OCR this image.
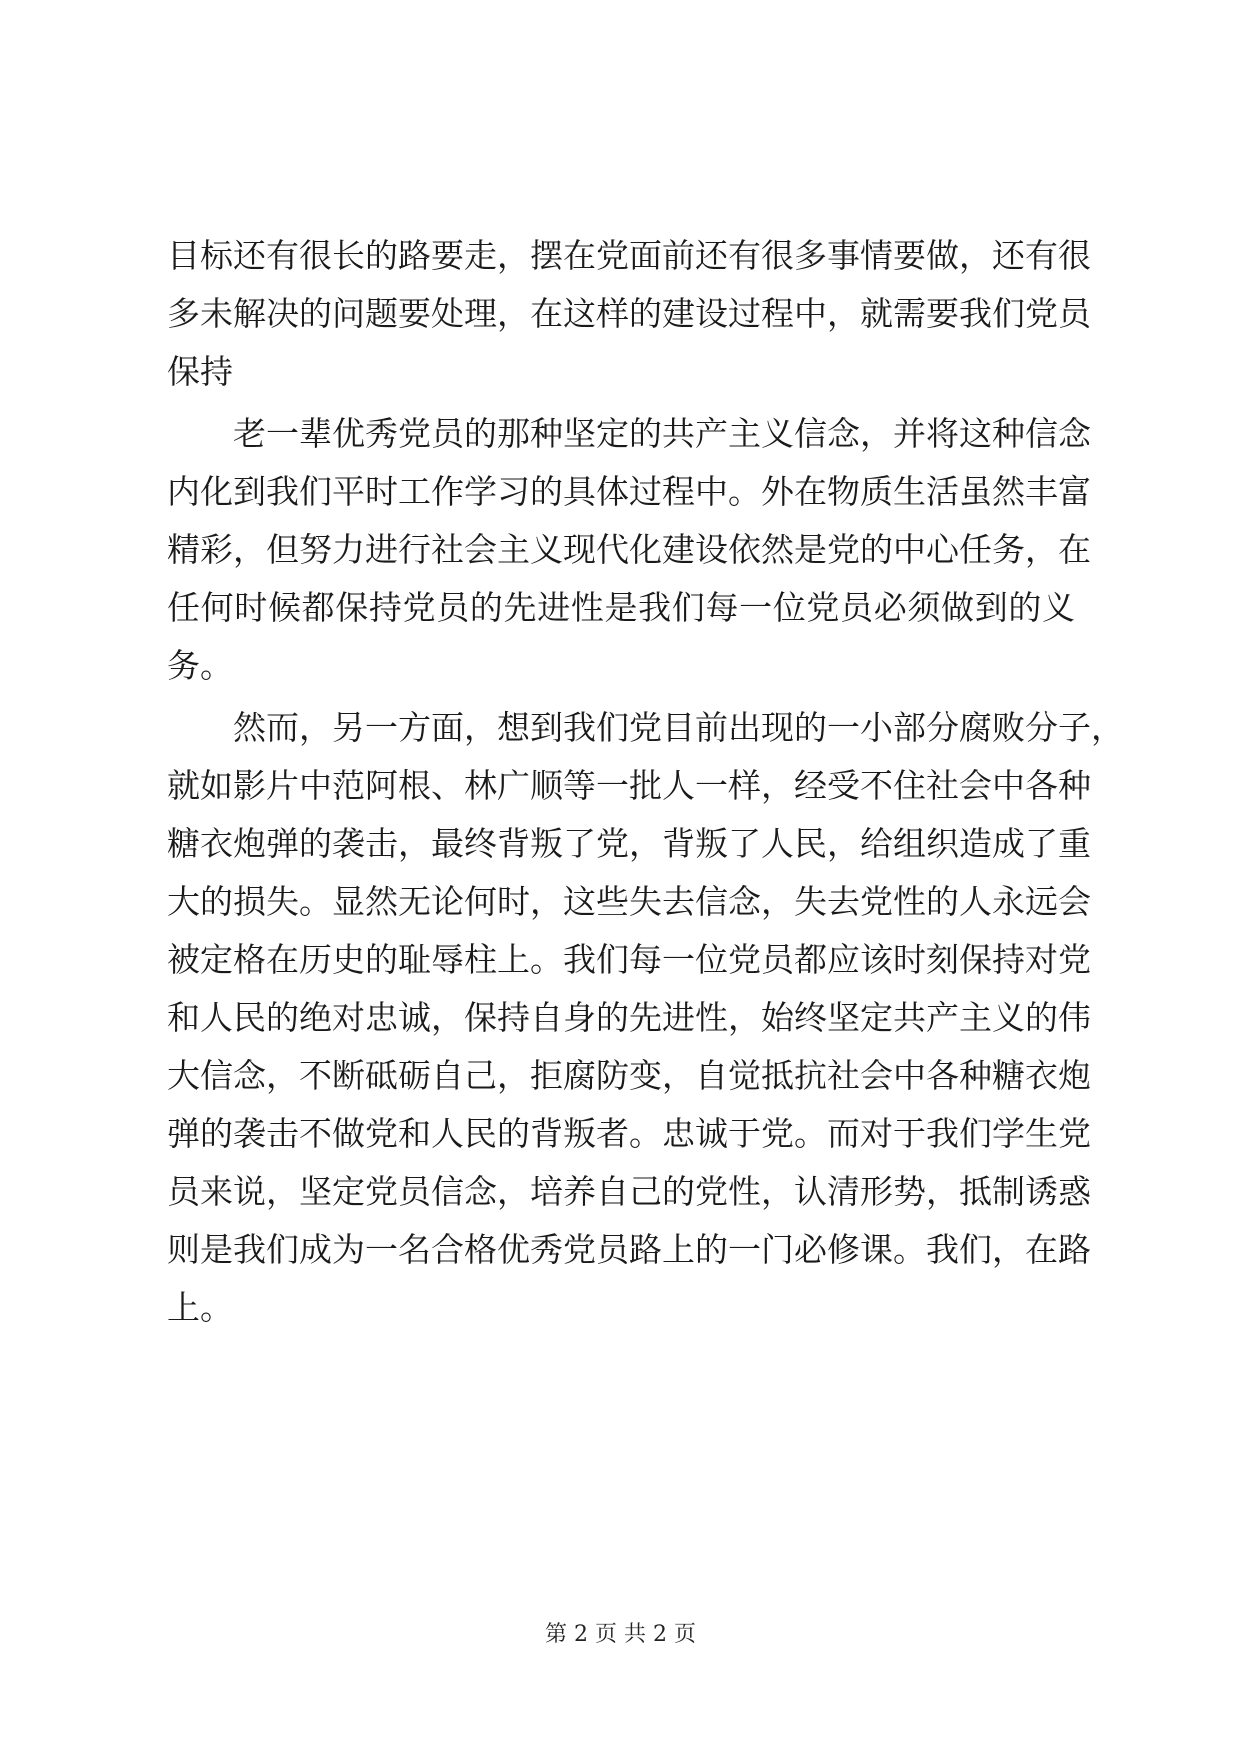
目标还有很长的路要走，摆在党面前还有很多事情要做，还有很
多未解决的问题要处理，在这样的建设过程中，就需要我们党员
保持
老一辈优秀党员的那种坚定的共产主义信念，并将这种信念
内化到我们平时工作学习的具体过程中。外在物质生活虽然丰富
精彩，但努力进行社会主义现代化建设依然是党的中心任务，在
任何时候都保持党员的先进性是我们每一位党员必须做到的义
务。
然而，另一方面，想到我们党目前出现的一小部分腐败分子，
就如影片中范阿根、林广顺等一批人一样，经受不住社会中各种
糖衣炮弹的袭击，最终背叛了党，背叛了人民，给组织造成了重
大的损失。显然无论何时，这些失去信念，失去党性的人永远会
被定格在历史的耻辱柱上。我们每一位党员都应该时刻保持对党
和人民的绝对忠诚，保持自身的先进性，始终坚定共产主义的伟
大信念，不断砥砺自己，拒腐防变，自觉抵抗社会中各种糖衣炮
弹的袭击不做党和人民的背叛者。忠诚于党。而对于我们学生党
员来说，坚定党员信念，培养自己的党性，认清形势，抵制诱惑
则是我们成为一名合格优秀党员路上的一门必修课。我们，在路
上。
第 2 页 共 2 页
